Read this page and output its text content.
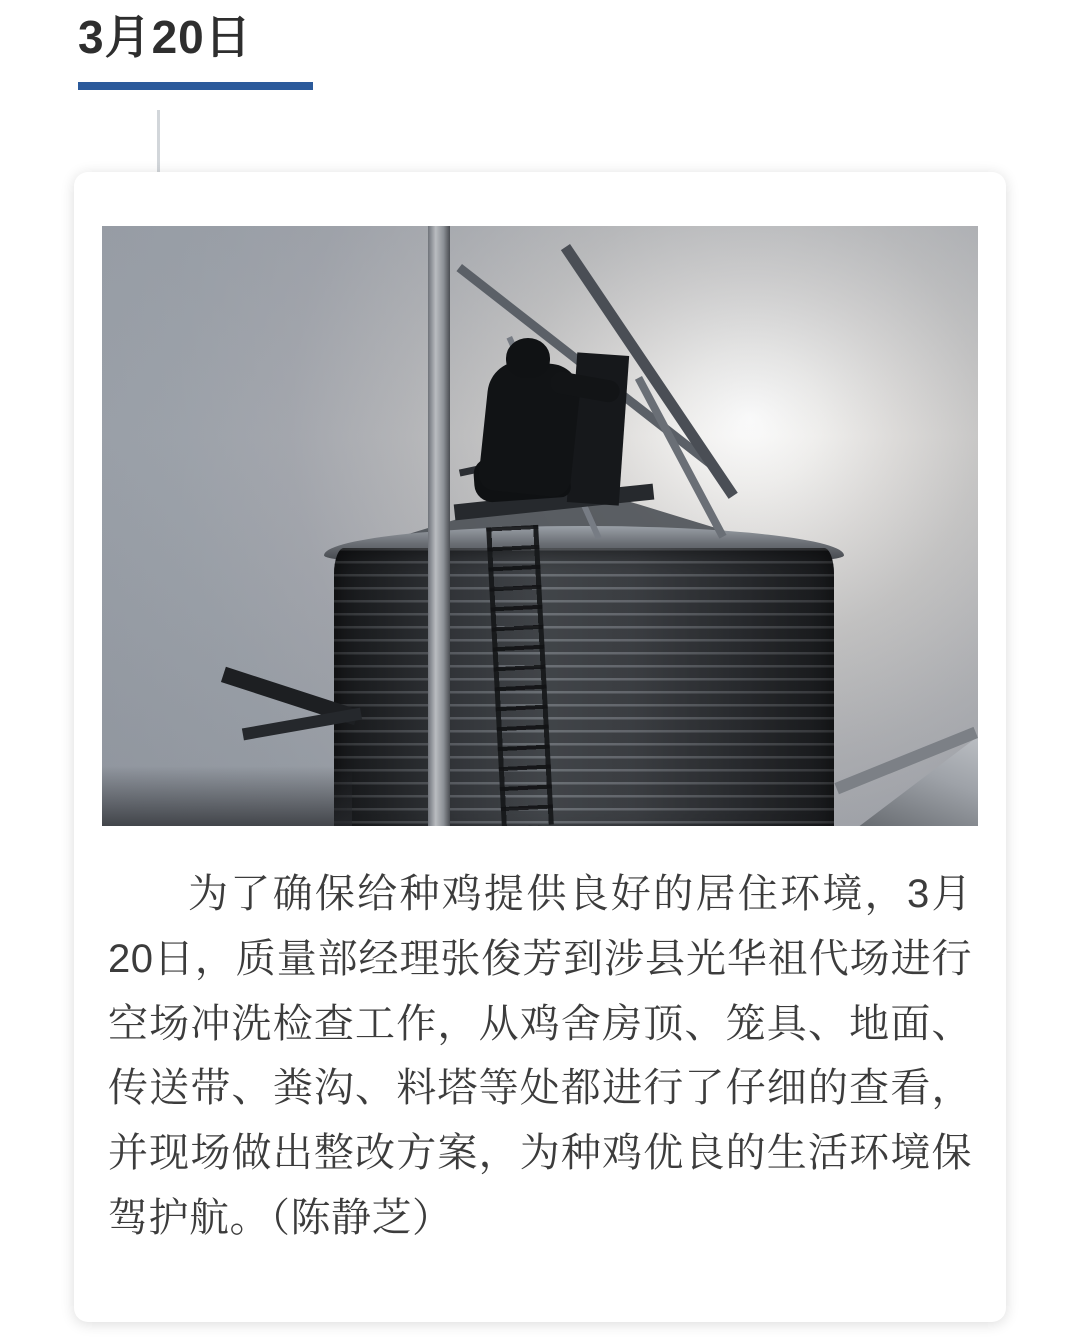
3月20日

为了确保给种鸡提供良好的居住环境，3月20日，质量部经理张俊芳到涉县光华祖代场进行空场冲洗检查工作，从鸡舍房顶、笼具、地面、传送带、粪沟、料塔等处都进行了仔细的查看，并现场做出整改方案，为种鸡优良的生活环境保驾护航。（陈静芝）
